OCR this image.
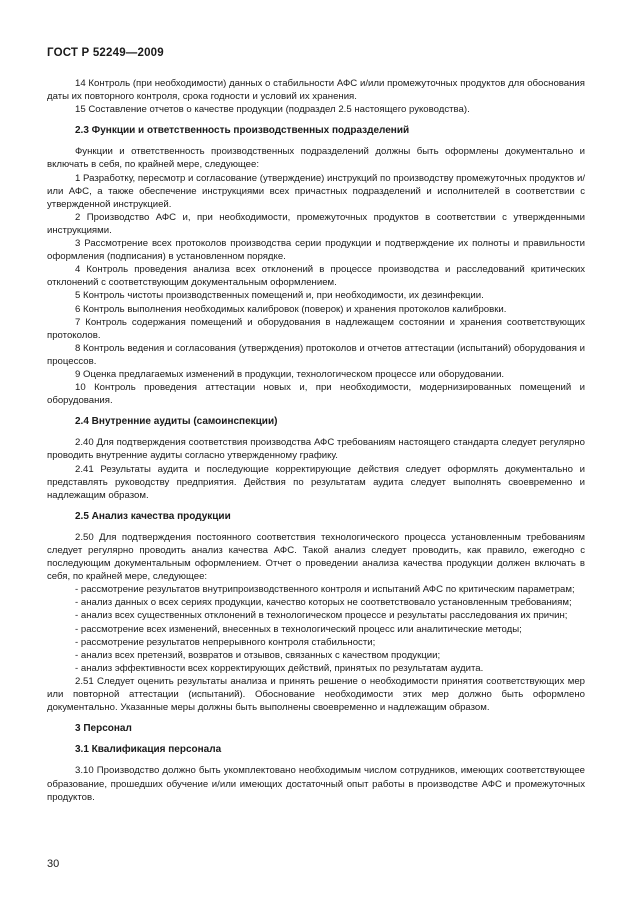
ГОСТ Р 52249—2009

14 Контроль (при необходимости) данных о стабильности АФС и/или промежуточных продуктов для обоснования даты их повторного контроля, срока годности и условий их хранения.

15 Составление отчетов о качестве продукции (подраздел 2.5 настоящего руководства).

2.3 Функции и ответственность производственных подразделений

Функции и ответственность производственных подразделений должны быть оформлены документально и включать в себя, по крайней мере, следующее:

1 Разработку, пересмотр и согласование (утверждение) инструкций по производству промежуточных продуктов и/или АФС, а также обеспечение инструкциями всех причастных подразделений и исполнителей в соответствии с утвержденной инструкцией.

2 Производство АФС и, при необходимости, промежуточных продуктов в соответствии с утвержденными инструкциями.

3 Рассмотрение всех протоколов производства серии продукции и подтверждение их полноты и правильности оформления (подписания) в установленном порядке.

4 Контроль проведения анализа всех отклонений в процессе производства и расследований критических отклонений с соответствующим документальным оформлением.

5 Контроль чистоты производственных помещений и, при необходимости, их дезинфекции.

6 Контроль выполнения необходимых калибровок (поверок) и хранения протоколов калибровки.

7 Контроль содержания помещений и оборудования в надлежащем состоянии и хранения соответствующих протоколов.

8 Контроль ведения и согласования (утверждения) протоколов и отчетов аттестации (испытаний) оборудования и процессов.

9 Оценка предлагаемых изменений в продукции, технологическом процессе или оборудовании.

10 Контроль проведения аттестации новых и, при необходимости, модернизированных помещений и оборудования.

2.4 Внутренние аудиты (самоинспекции)

2.40 Для подтверждения соответствия производства АФС требованиям настоящего стандарта следует регулярно проводить внутренние аудиты согласно утвержденному графику.

2.41 Результаты аудита и последующие корректирующие действия следует оформлять документально и представлять руководству предприятия. Действия по результатам аудита следует выполнять своевременно и надлежащим образом.

2.5 Анализ качества продукции

2.50 Для подтверждения постоянного соответствия технологического процесса установленным требованиям следует регулярно проводить анализ качества АФС. Такой анализ следует проводить, как правило, ежегодно с последующим документальным оформлением. Отчет о проведении анализа качества продукции должен включать в себя, по крайней мере, следующее:

- рассмотрение результатов внутрипроизводственного контроля и испытаний АФС по критическим параметрам;

- анализ данных о всех сериях продукции, качество которых не соответствовало установленным требованиям;

- анализ всех существенных отклонений в технологическом процессе и результаты расследования их причин;

- рассмотрение всех изменений, внесенных в технологический процесс или аналитические методы;

- рассмотрение результатов непрерывного контроля стабильности;

- анализ всех претензий, возвратов и отзывов, связанных с качеством продукции;

- анализ эффективности всех корректирующих действий, принятых по результатам аудита.

2.51 Следует оценить результаты анализа и принять решение о необходимости принятия соответствующих мер или повторной аттестации (испытаний). Обоснование необходимости этих мер должно быть оформлено документально. Указанные меры должны быть выполнены своевременно и надлежащим образом.

3 Персонал

3.1 Квалификация персонала

3.10 Производство должно быть укомплектовано необходимым числом сотрудников, имеющих соответствующее образование, прошедших обучение и/или имеющих достаточный опыт работы в производстве АФС и промежуточных продуктов.

30
